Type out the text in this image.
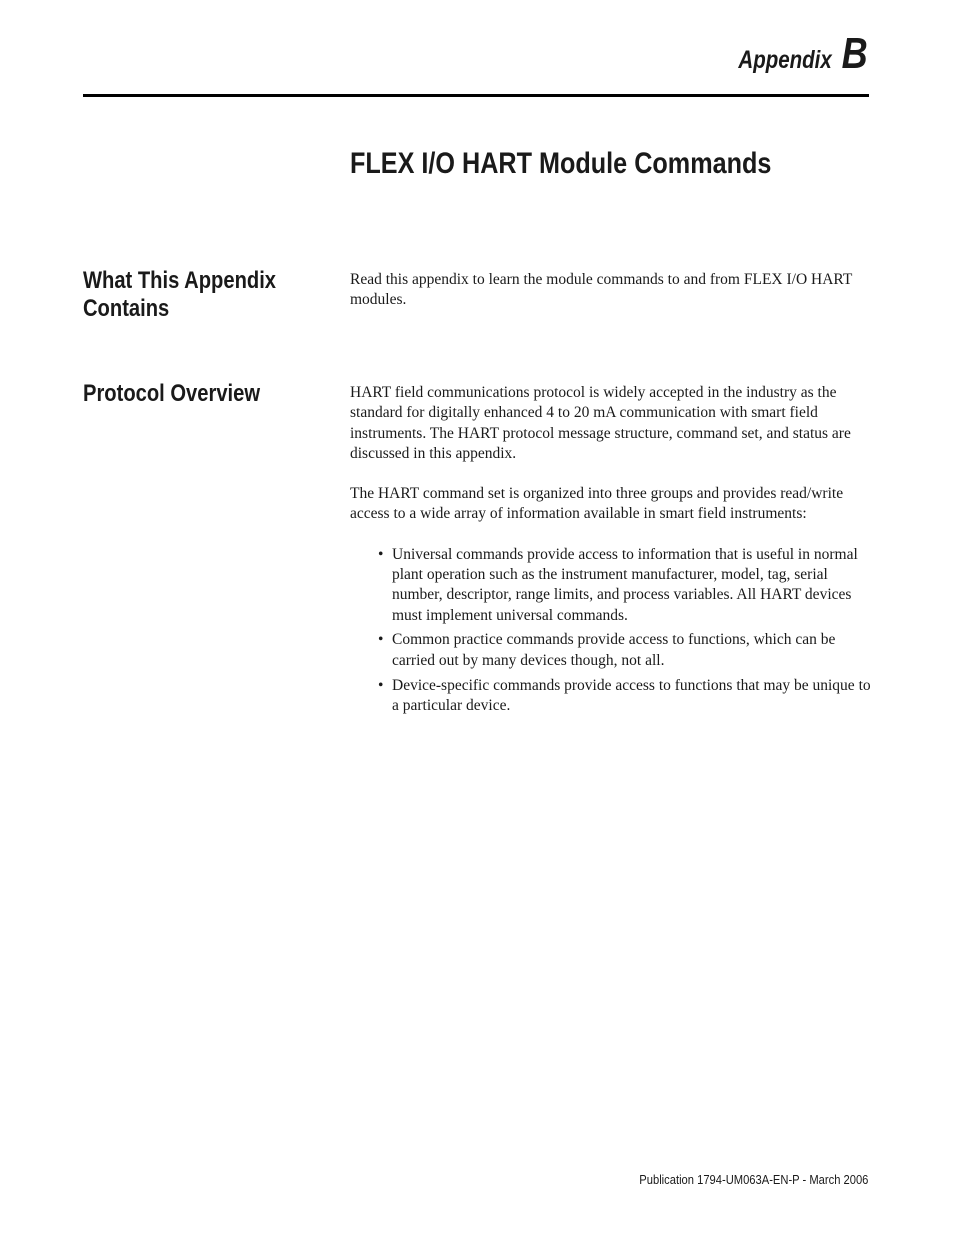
Appendix B
FLEX I/O HART Module Commands
What This Appendix
Contains

Read this appendix to learn the module commands to and from FLEX I/O HART modules.

Protocol Overview	HART field communications protocol is widely accepted in the industry as the standard for digitally enhanced 4 to 20 mA communication with smart field instruments. The HART protocol message structure, command set, and status are discussed in this appendix.

The HART command set is organized into three groups and provides read/write access to a wide array of information available in smart field instruments:

• Universal commands provide access to information that is useful in normal plant operation such as the instrument manufacturer, model, tag, serial number, descriptor, range limits, and process variables. All HART devices must implement universal commands.
• Common practice commands provide access to functions, which can be carried out by many devices though, not all.
• Device-specific commands provide access to functions that may be unique to a particular device.
Publication 1794-UM063A-EN-P - March 2006
